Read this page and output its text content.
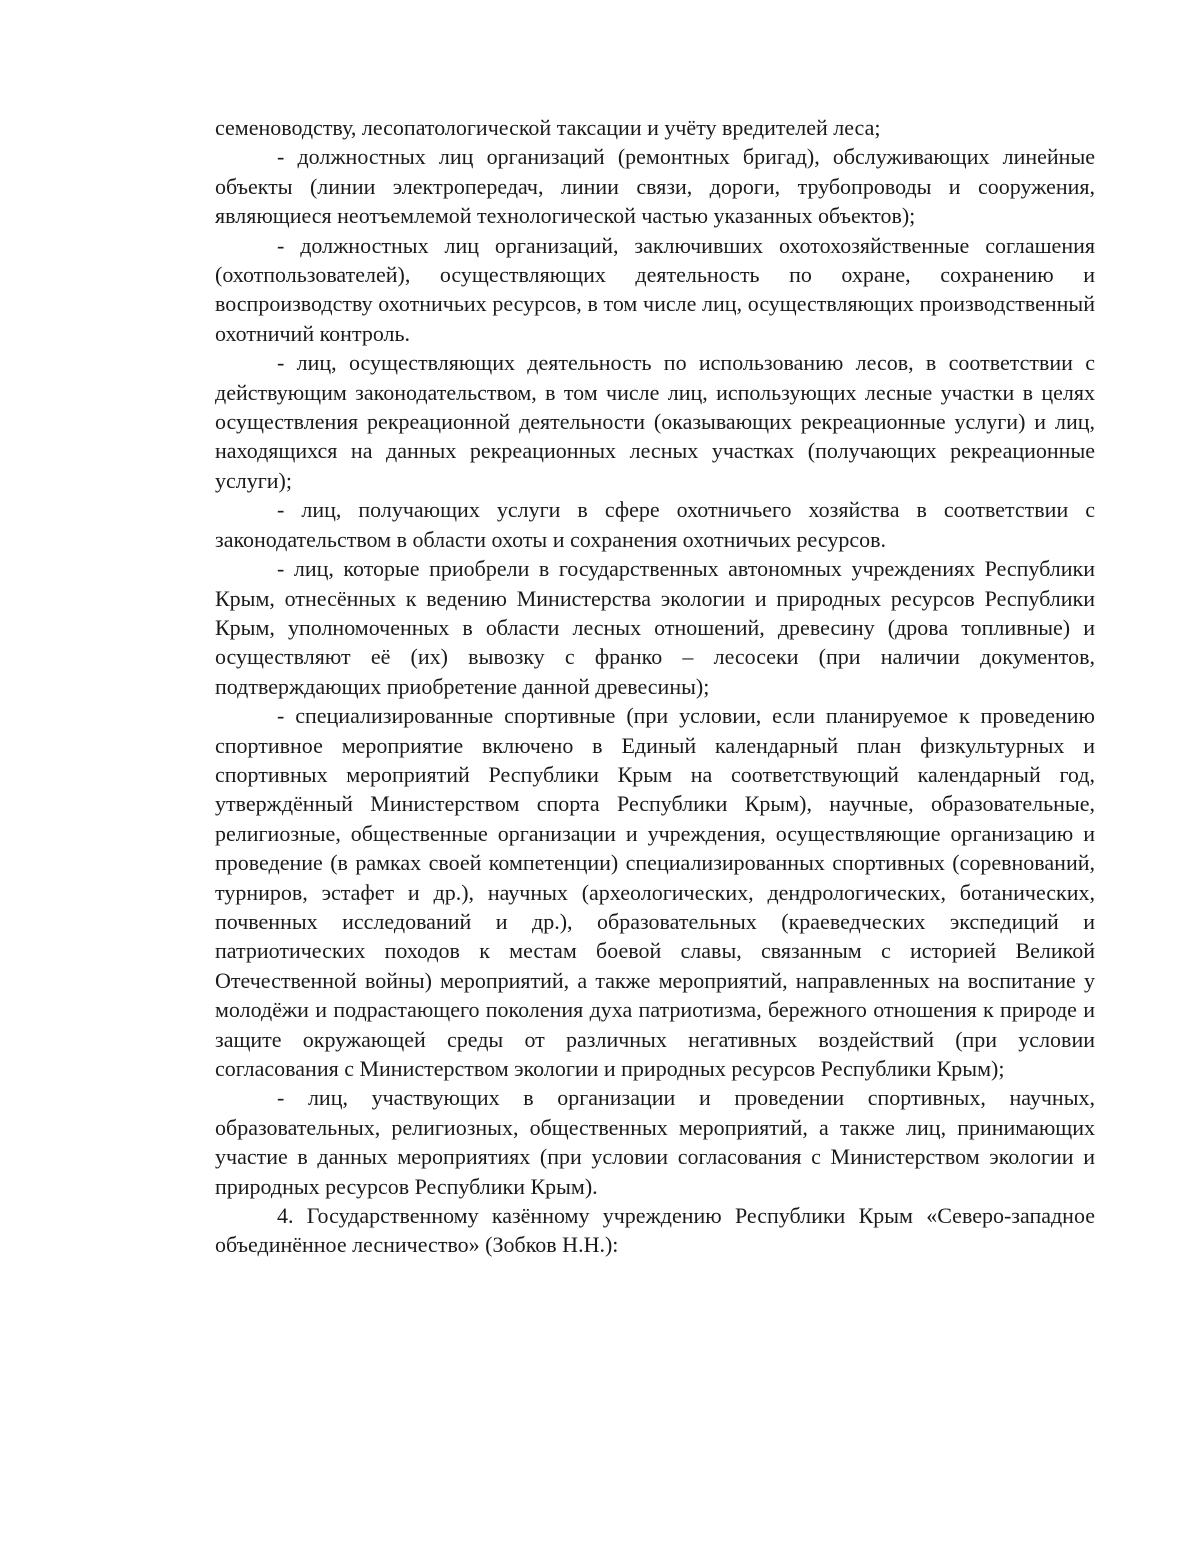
семеноводству, лесопатологической таксации и учёту вредителей леса;

- должностных лиц организаций (ремонтных бригад), обслуживающих линейные объекты (линии электропередач, линии связи, дороги, трубопроводы и сооружения, являющиеся неотъемлемой технологической частью указанных объектов);

- должностных лиц организаций, заключивших охотохозяйственные соглашения (охотпользователей), осуществляющих деятельность по охране, сохранению и воспроизводству охотничьих ресурсов, в том числе лиц, осуществляющих производственный охотничий контроль.

- лиц, осуществляющих деятельность по использованию лесов, в соответствии с действующим законодательством, в том числе лиц, использующих лесные участки в целях осуществления рекреационной деятельности (оказывающих рекреационные услуги) и лиц, находящихся на данных рекреационных лесных участках (получающих рекреационные услуги);

- лиц, получающих услуги в сфере охотничьего хозяйства в соответствии с законодательством в области охоты и сохранения охотничьих ресурсов.

- лиц, которые приобрели в государственных автономных учреждениях Республики Крым, отнесённых к ведению Министерства экологии и природных ресурсов Республики Крым, уполномоченных в области лесных отношений, древесину (дрова топливные) и осуществляют её (их) вывозку с франко – лесосеки (при наличии документов, подтверждающих приобретение данной древесины);

- специализированные спортивные (при условии, если планируемое к проведению спортивное мероприятие включено в Единый календарный план физкультурных и спортивных мероприятий Республики Крым на соответствующий календарный год, утверждённый Министерством спорта Республики Крым), научные, образовательные, религиозные, общественные организации и учреждения, осуществляющие организацию и проведение (в рамках своей компетенции) специализированных спортивных (соревнований, турниров, эстафет и др.), научных (археологических, дендрологических, ботанических, почвенных исследований и др.), образовательных (краеведческих экспедиций и патриотических походов к местам боевой славы, связанным с историей Великой Отечественной войны) мероприятий, а также мероприятий, направленных на воспитание у молодёжи и подрастающего поколения духа патриотизма, бережного отношения к природе и защите окружающей среды от различных негативных воздействий (при условии согласования с Министерством экологии и природных ресурсов Республики Крым);

- лиц, участвующих в организации и проведении спортивных, научных, образовательных, религиозных, общественных мероприятий, а также лиц, принимающих участие в данных мероприятиях (при условии согласования с Министерством экологии и природных ресурсов Республики Крым).

4. Государственному казённому учреждению Республики Крым «Северо-западное объединённое лесничество» (Зобков Н.Н.):
